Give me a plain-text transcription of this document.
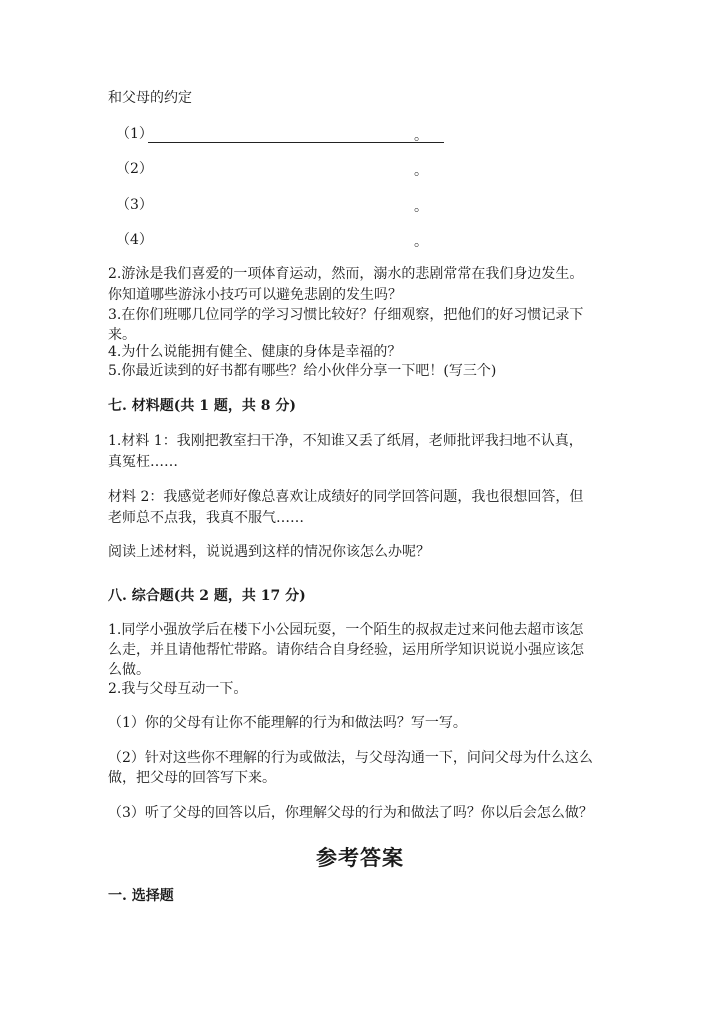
和父母的约定
（1）	。
（2）	。
（3）	。
（4）	。
2.游泳是我们喜爱的一项体育运动，然而，溺水的悲剧常常在我们身边发生。
你知道哪些游泳小技巧可以避免悲剧的发生吗？
3.在你们班哪几位同学的学习习惯比较好？仔细观察，把他们的好习惯记录下
来。
4.为什么说能拥有健全、健康的身体是幸福的？
5.你最近读到的好书都有哪些？给小伙伴分享一下吧！(写三个)
七. 材料题(共 1 题，共 8 分)
1.材料 1：我刚把教室扫干净，不知谁又丢了纸屑，老师批评我扫地不认真，
真冤枉……
材料 2：我感觉老师好像总喜欢让成绩好的同学回答问题，我也很想回答，但
老师总不点我，我真不服气……
阅读上述材料，说说遇到这样的情况你该怎么办呢？
八. 综合题(共 2 题，共 17 分)
1.同学小强放学后在楼下小公园玩耍，一个陌生的叔叔走过来问他去超市该怎
么走，并且请他帮忙带路。请你结合自身经验，运用所学知识说说小强应该怎
么做。
2.我与父母互动一下。
（1）你的父母有让你不能理解的行为和做法吗？写一写。
（2）针对这些你不理解的行为或做法，与父母沟通一下，问问父母为什么这么
做，把父母的回答写下来。
（3）听了父母的回答以后，你理解父母的行为和做法了吗？你以后会怎么做？
参考答案
一. 选择题
